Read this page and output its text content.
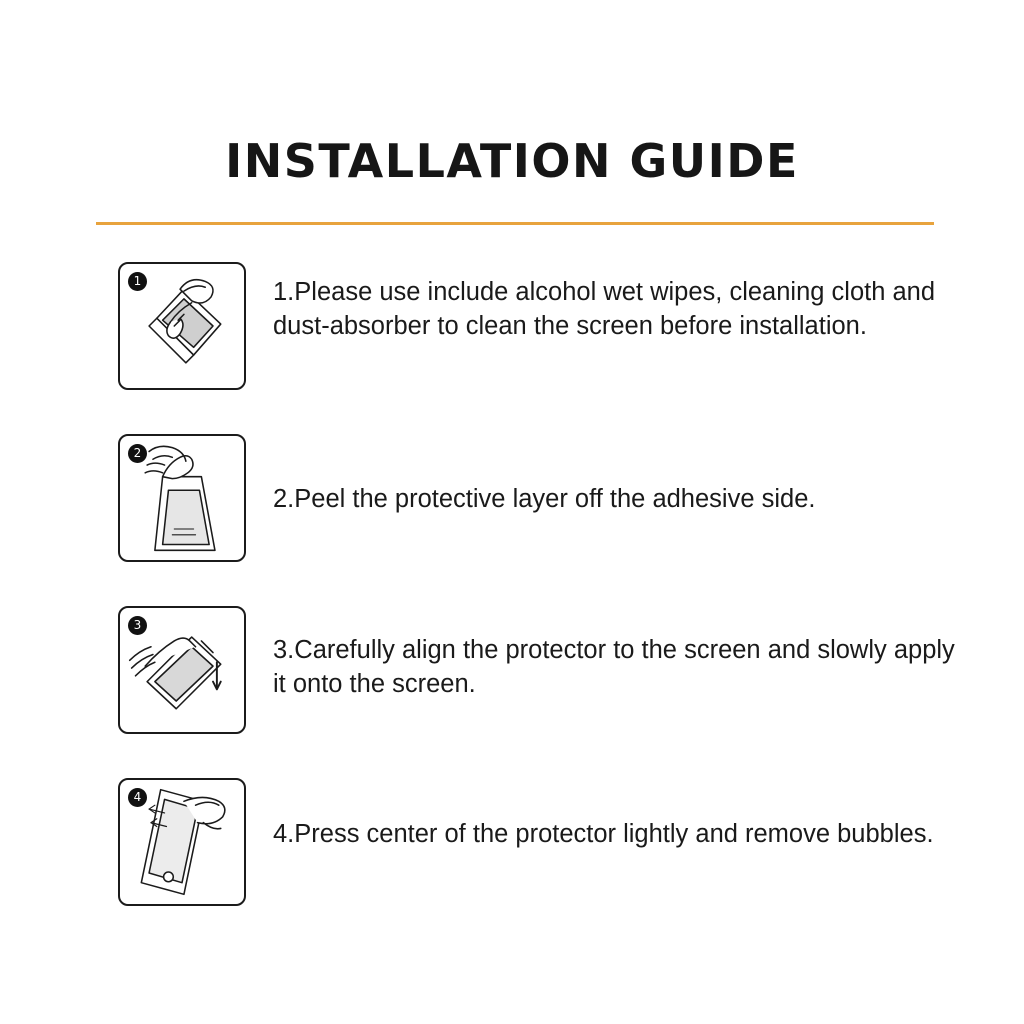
INSTALLATION GUIDE
1	1.Please use include alcohol wet wipes, cleaning cloth and dust-absorber to clean the screen before installation.
2
2.Peel the protective layer off the adhesive side.
3
3.Carefully align the protector to the screen and slowly apply it onto the screen.
4
4.Press center of the protector lightly and remove bubbles.
